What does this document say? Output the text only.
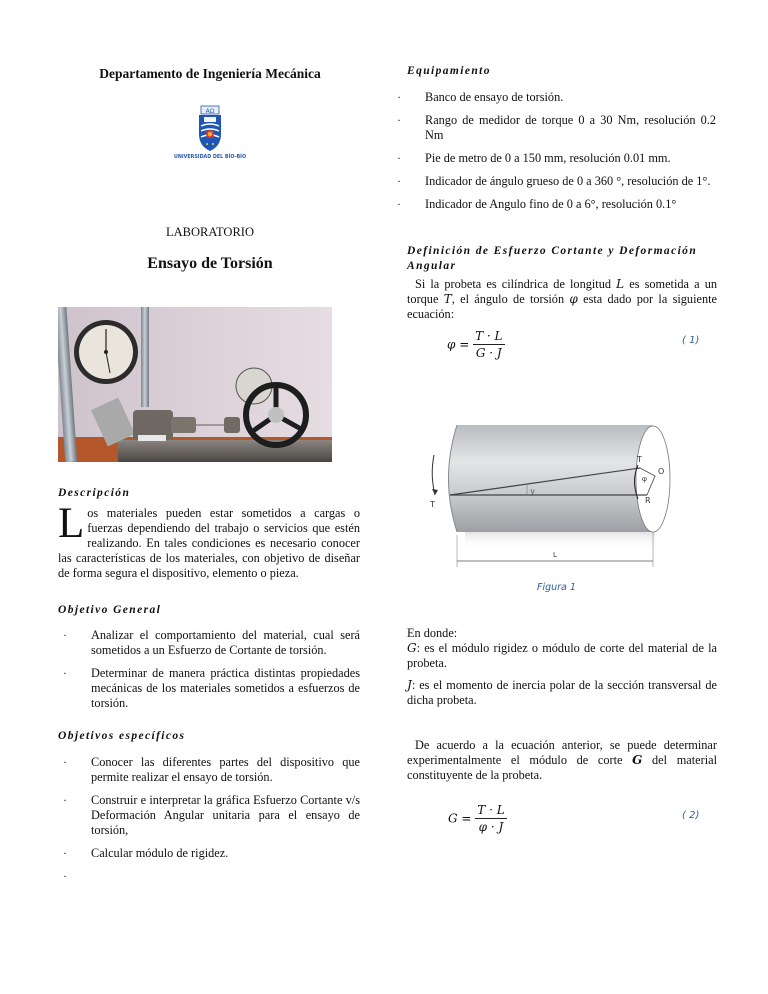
Departamento de Ingeniería Mecánica
AΩ
UNIVERSIDAD DEL BÍO-BÍO
LABORATORIO
Ensayo de Torsión
Descripción

Los materiales pueden estar sometidos a cargas o fuerzas dependiendo del trabajo o servicios que estén realizando. En tales condiciones es necesario conocer las características de los materiales, con objetivo de diseñar de forma segura el dispositivo, elemento o pieza.

Objetivo General
· Analizar el comportamiento del material, cual será sometidos a un Esfuerzo de Cortante de torsión.
· Determinar de manera práctica distintas propiedades mecánicas de los materiales sometidos a esfuerzos de torsión.
Objetivos específicos
· Conocer las diferentes partes del dispositivo que permite realizar el ensayo de torsión.
· Construir e interpretar la gráfica Esfuerzo Cortante v/s Deformación Angular unitaria para el ensayo de torsión,
· Calcular módulo de rigidez.
·
Equipamiento
· Banco de ensayo de torsión.
· Rango de medidor de torque 0 a 30 Nm, resolución 0.2 Nm
· Pie de metro de 0 a 150 mm, resolución 0.01 mm.
· Indicador de ángulo grueso de 0 a 360 °, resolución de 1°.
· Indicador de Angulo fino de 0 a 6°, resolución 0.1°
Definición de Esfuerzo Cortante y Deformación Angular

Si la probeta es cilíndrica de longitud L es sometida a un torque T, el ángulo de torsión φ esta dado por la siguiente ecuación:

$\varphi = \frac{T \cdot L}{G \cdot J}$	( 1)
T
T
γ
φ
O
R
L
Figura 1

En donde:

G: es el módulo rigidez o módulo de corte del material de la probeta.

J: es el momento de inercia polar de la sección transversal de dicha probeta.

De acuerdo a la ecuación anterior, se puede determinar experimentalmente el módulo de corte G del material constituyente de la probeta.

$G = \frac{T \cdot L}{\varphi \cdot J}$	( 2)
